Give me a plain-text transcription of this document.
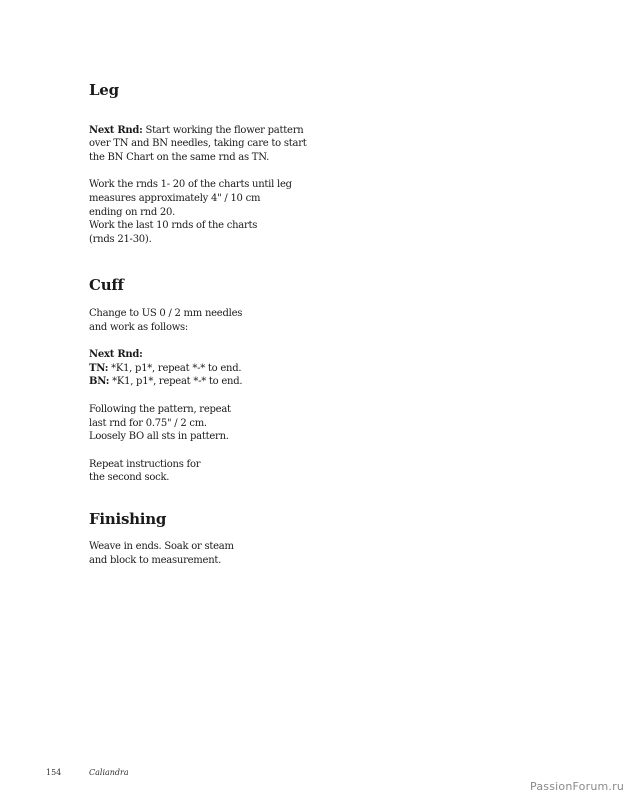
Leg

Next Rnd: Start working the flower pattern

over TN and BN needles, taking care to start

the BN Chart on the same rnd as TN.

Work the rnds 1- 20 of the charts until leg

measures approximately 4" / 10 cm

ending on rnd 20.

Work the last 10 rnds of the charts

(rnds 21-30).

Cuff

Change to US 0 / 2 mm needles

and work as follows:

Next Rnd:

TN: *K1, p1*, repeat *-* to end.

BN: *K1, p1*, repeat *-* to end.

Following the pattern, repeat

last rnd for 0.75" / 2 cm.

Loosely BO all sts in pattern.

Repeat instructions for

the second sock.

Finishing

Weave in ends. Soak or steam

and block to measurement.

154	Caliandra
PassionForum.ru
